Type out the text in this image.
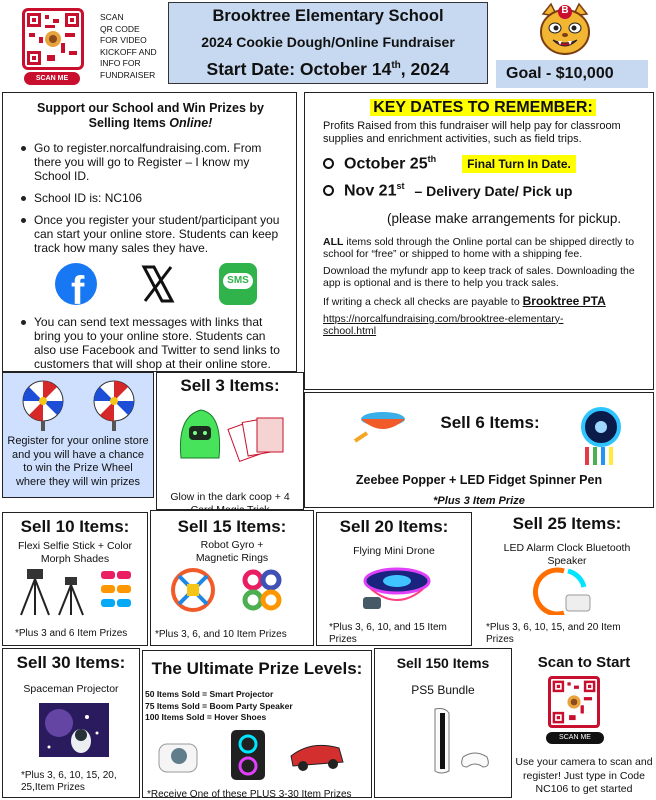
SCAN ME
SCAN
QR CODE
FOR VIDEO
KICKOFF AND
INFO FOR
FUNDRAISER
Brooktree Elementary School
2024 Cookie Dough/Online Fundraiser
Start Date: October 14th, 2024
B
Goal - $10,000
Support our School and Win Prizes by
Selling Items Online!
Go to register.norcalfundraising.com. From there you will go to Register – I know my School ID.
School ID is: NC106
Once you register your student/participant you can start your online store. Students can keep track how many sales they have.
f	SMS
You can send text messages with links that bring you to your online store. Students can also use Facebook and Twitter to send links to customers that will shop at their online store.
KEY DATES TO REMEMBER:
Profits Raised from this fundraiser will help pay for classroom supplies and enrichment activities, such as field trips.
October 25th	Final Turn In Date.
Nov 21st – Delivery Date/ Pick up
(please make arrangements for pickup.
ALL items sold through the Online portal can be shipped directly to school for “free” or shipped to home with a shipping fee.
Download the myfundr app to keep track of sales. Downloading the app is optional and is there to help you track sales.
If writing a check all checks are payable to Brooktree PTA
https://norcalfundraising.com/brooktree-elementary-school.html
Register for your online store and you will have a chance to win the Prize Wheel where they will win prizes
Sell 3 Items:
Glow in the dark coop + 4
Sell 6 Items:
Zeebee Popper + LED Fidget Spinner Pen
*Plus 3 Item Prize
Sell 10 Items:
Flexi Selfie Stick + Color Morph Shades
*Plus 3 and 6 Item Prizes
Sell 15 Items:
Robot Gyro + Magnetic Rings
*Plus 3, 6, and 10 Item Prizes
Sell 20 Items:
Flying Mini Drone
*Plus 3, 6, 10, and 15 Item Prizes
Sell 25 Items:
LED Alarm Clock Bluetooth Speaker
*Plus 3, 6, 10, 15, and 20 Item Prizes
Sell 30 Items:
Spaceman Projector
*Plus 3, 6, 10, 15, 20, 25,Item Prizes
The Ultimate Prize Levels:
50 Items Sold = Smart Projector
75 Items Sold = Boom Party Speaker
100 Items Sold = Hover Shoes
*Receive One of these PLUS 3-30 Item Prizes
Sell 150 Items
PS5 Bundle
Scan to Start
SCAN ME
Use your camera to scan and register! Just type in Code NC106 to get started
